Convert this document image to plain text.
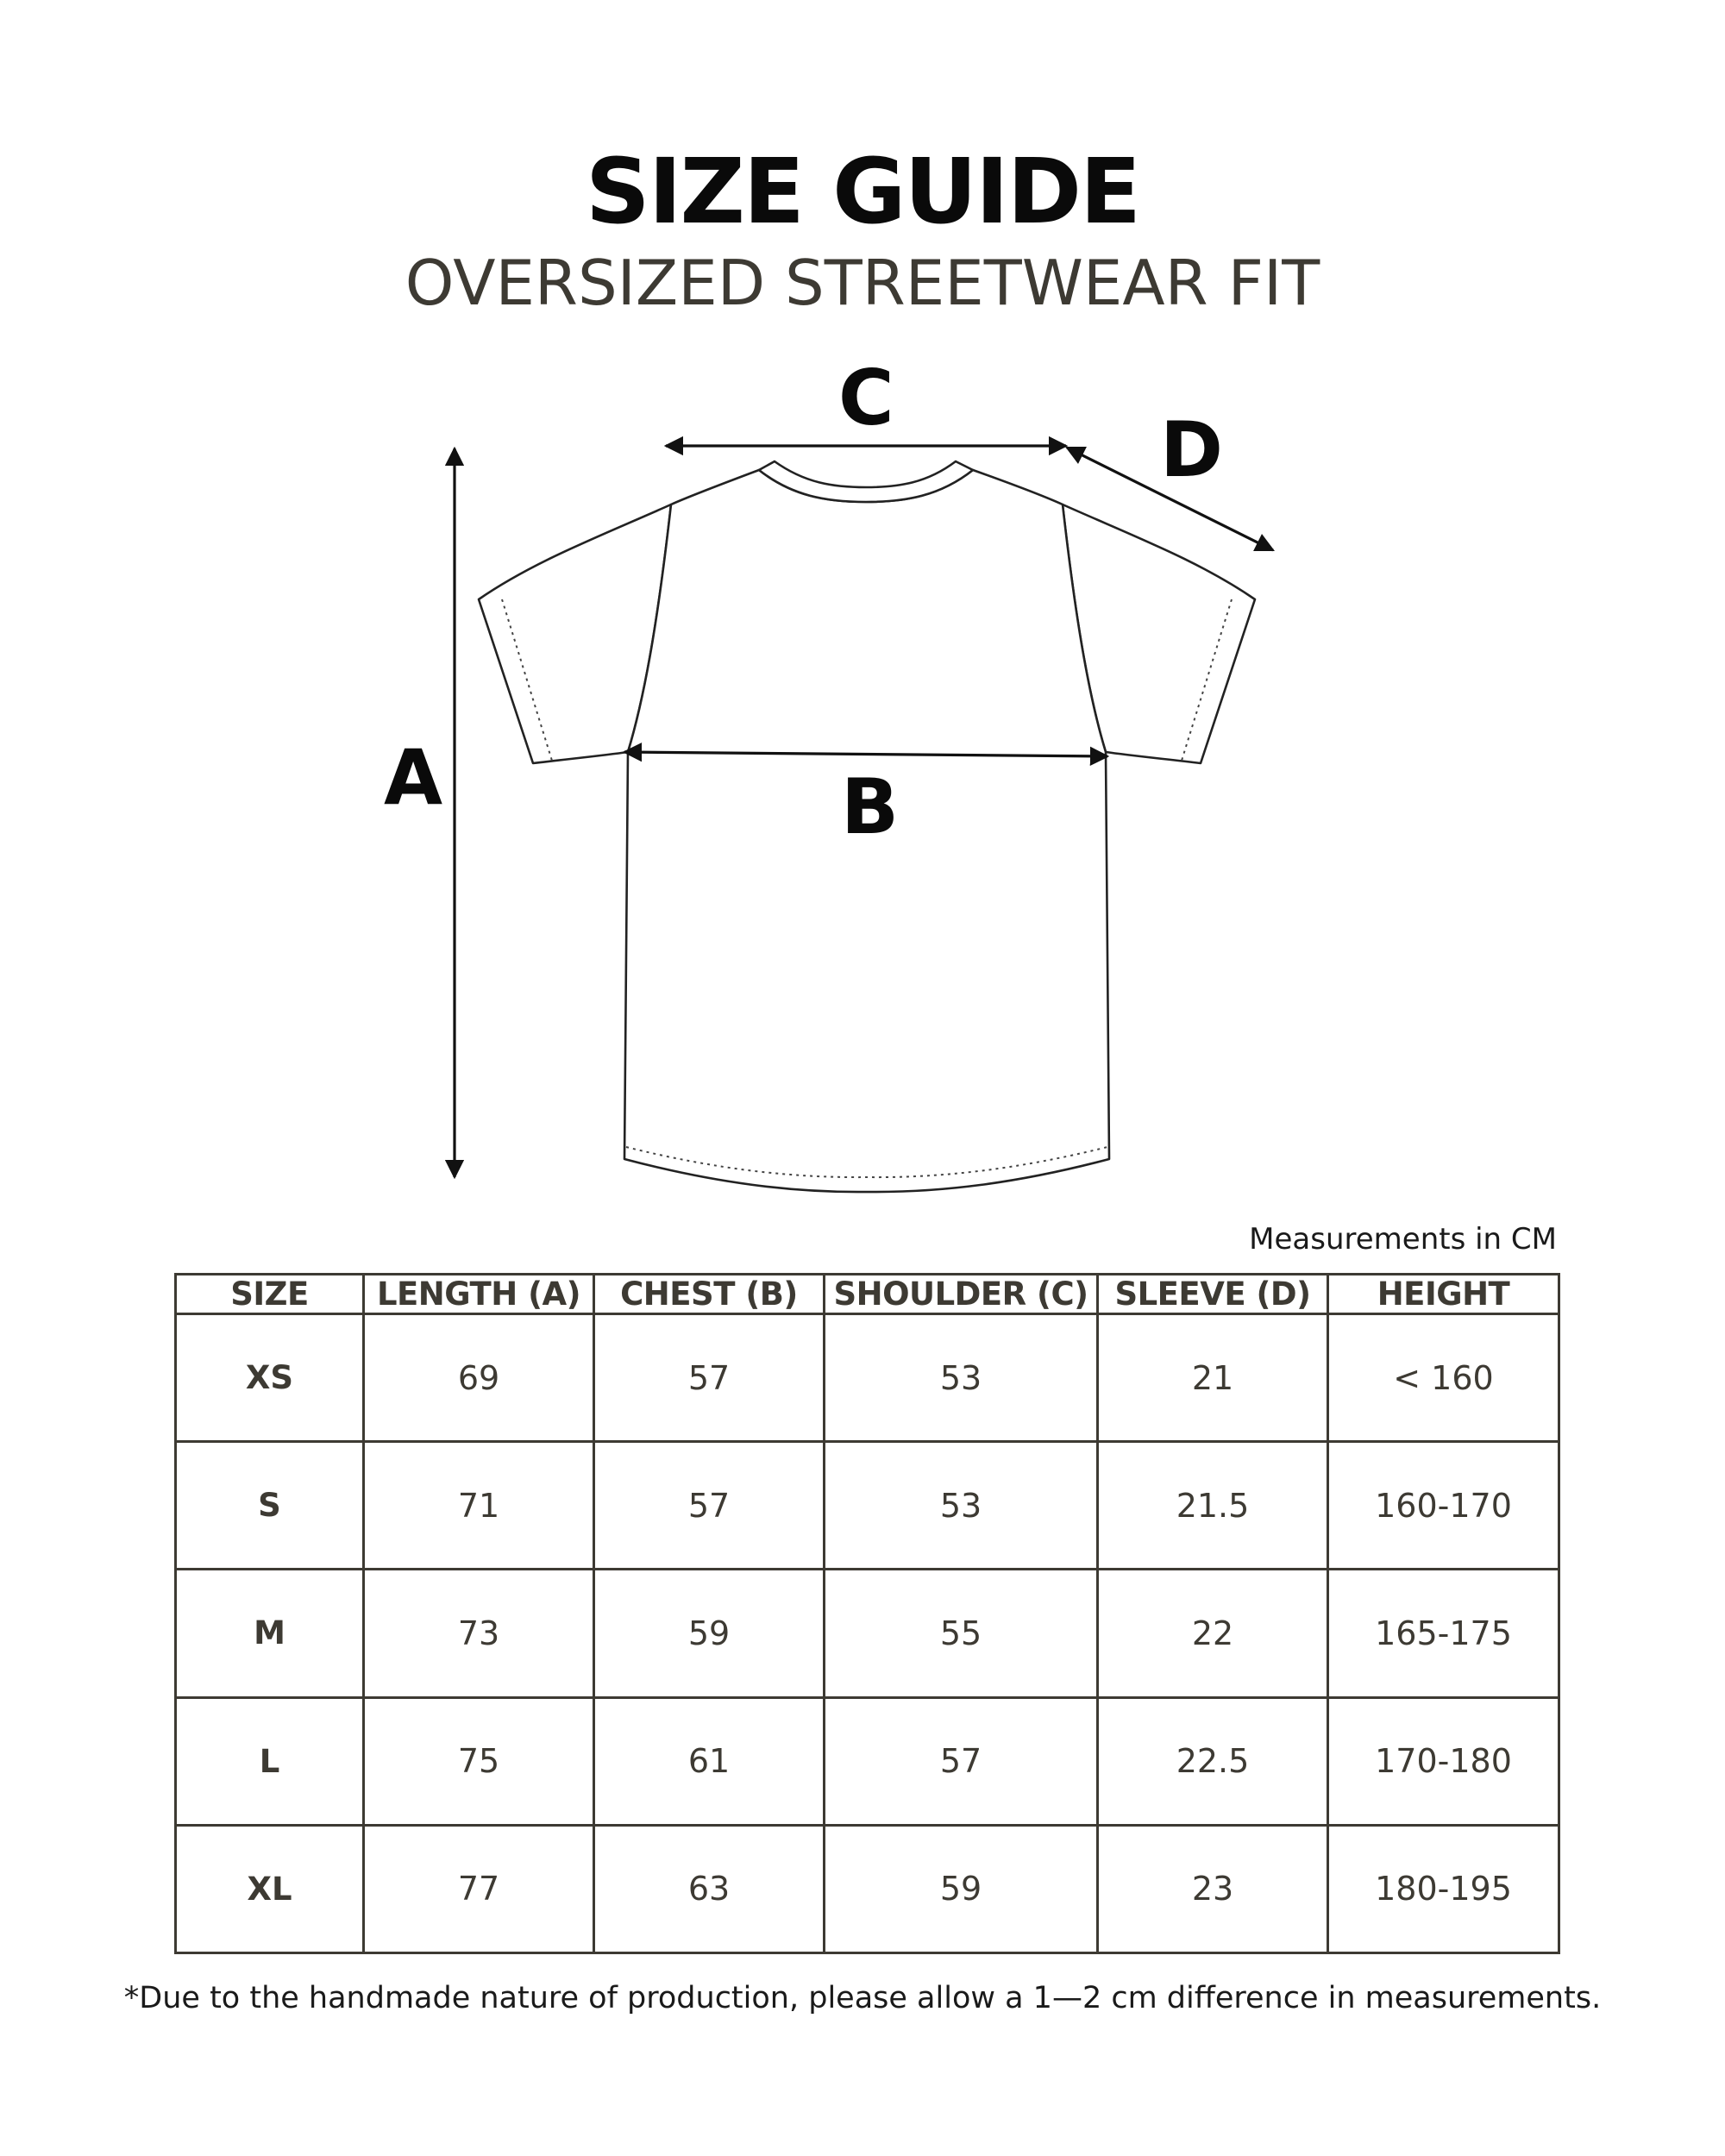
SIZE GUIDE
OVERSIZED STREETWEAR FIT
A
C
D
B
Measurements in CM
SIZE	LENGTH (A)	CHEST (B)	SHOULDER (C)	SLEEVE (D)	HEIGHT
XS	69	57	53	21	< 160
S	71	57	53	21.5	160-170
M	73	59	55	22	165-175
L	75	61	57	22.5	170-180
XL	77	63	59	23	180-195
*Due to the handmade nature of production, please allow a 1—2 cm difference in measurements.
